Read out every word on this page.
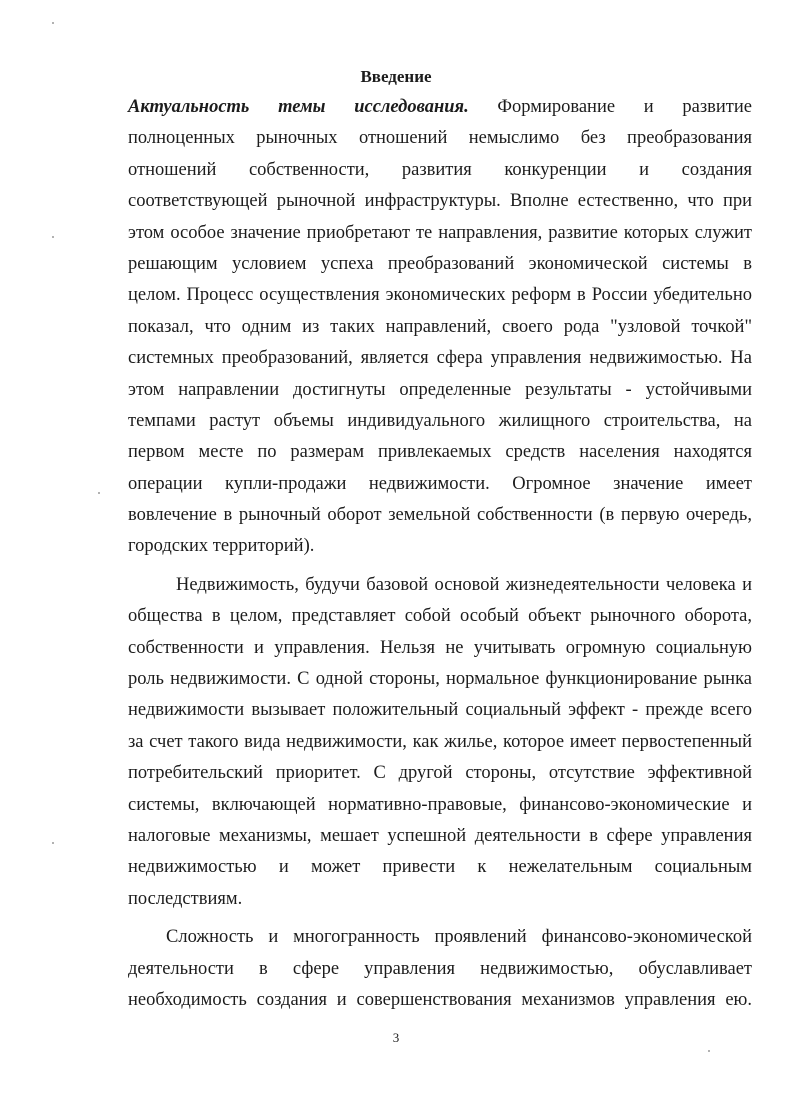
Введение
Актуальность темы исследования. Формирование и развитие
полноценных рыночных отношений немыслимо без преобразования
отношений собственности, развития конкуренции и создания
соответствующей рыночной инфраструктуры. Вполне естественно, что при
этом особое значение приобретают те направления, развитие которых служит
решающим условием успеха преобразований экономической системы в
целом. Процесс осуществления экономических реформ в России убедительно
показал, что одним из таких направлений, своего рода "узловой точкой"
системных преобразований, является сфера управления недвижимостью. На
этом направлении достигнуты определенные результаты - устойчивыми
темпами растут объемы индивидуального жилищного строительства, на
первом месте по размерам привлекаемых средств населения находятся
операции купли-продажи недвижимости. Огромное значение имеет
вовлечение в рыночный оборот земельной собственности (в первую очередь,
городских территорий).
Недвижимость, будучи базовой основой жизнедеятельности человека и
общества в целом, представляет собой особый объект рыночного оборота,
собственности и управления. Нельзя не учитывать огромную социальную
роль недвижимости. С одной стороны, нормальное функционирование рынка
недвижимости вызывает положительный социальный эффект - прежде всего
за счет такого вида недвижимости, как жилье, которое имеет первостепенный
потребительский приоритет. С другой стороны, отсутствие эффективной
системы, включающей нормативно-правовые, финансово-экономические и
налоговые механизмы, мешает успешной деятельности в сфере управления
недвижимостью и может привести к нежелательным социальным
последствиям.
Сложность и многогранность проявлений финансово-экономической
деятельности в сфере управления недвижимостью, обуславливает
необходимость создания и совершенствования механизмов управления ею.
3
